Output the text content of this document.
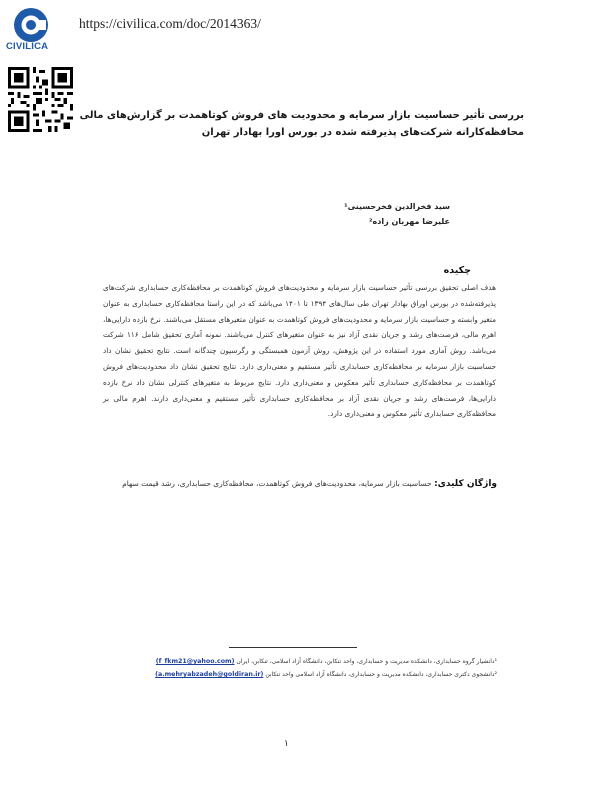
CIVILICA
https://civilica.com/doc/2014363/
بررسی تأثیر حساسیت بازار سرمایه و محدودیت های فروش کوتاهمدت بر گزارش‌های مالی
محافظه‌کارانه شرکت‌های پذیرفته شده در بورس اورا بهادار تهران
سید فخرالدین فخرحسینی¹
علیرضا مهربان زاده²
چکیده
هدف اصلی تحقیق بررسی تأثیر حساسیت بازار سرمایه و محدودیت‌های فروش کوتاهمدت بر محافظه‌کاری حسابداری شرکت‌های پذیرفته‌شده در بورس اوراق بهادار تهران طی سال‌های ۱۳۹۴ تا ۱۴۰۱ می‌باشد که در این راستا محافظه‌کاری حسابداری به عنوان متغیر وابسته و حساسیت بازار سرمایه و محدودیت‌های فروش کوتاهمدت به عنوان متغیرهای مستقل می‌باشند. نرخ بازده دارایی‌ها، اهرم مالی، فرصت‌های رشد و جریان نقدی آزاد نیز به عنوان متغیرهای کنترل می‌باشند. نمونه آماری تحقیق شامل ۱۱۶ شرکت می‌باشد. روش آماری مورد استفاده در این پژوهش، روش آزمون همبستگی و رگرسیون چندگانه است. نتایج تحقیق نشان داد حساسیت بازار سرمایه بر محافظه‌کاری حسابداری تأثیر مستقیم و معنی‌داری دارد. نتایج تحقیق نشان داد محدودیت‌های فروش کوتاهمدت بر محافظه‌کاری حسابداری تأثیر معکوس و معنی‌داری دارد. نتایج مربوط به متغیرهای کنترلی نشان داد نرخ بازده دارایی‌ها، فرصت‌های رشد و جریان نقدی آزاد بر محافظه‌کاری حسابداری تأثیر مستقیم و معنی‌داری دارند. اهرم مالی بر محافظه‌کاری حسابداری تأثیر معکوس و معنی‌داری دارد.
واژگان کلیدی: حساسیت بازار سرمایه، محدودیت‌های فروش کوتاهمدت، محافظه‌کاری حسابداری، رشد قیمت سهام
¹دانشیار گروه حسابداری، دانشکده مدیریت و حسابداری، واحد تنکابن، دانشگاه آزاد اسلامی، تنکابن، ایران (f_fkm21@yahoo.com)
²دانشجوی دکتری حسابداری، دانشکده مدیریت و حسابداری، دانشگاه آزاد اسلامی واحد تنکابن (a.mehryabzadeh@goldiran.ir)
۱
